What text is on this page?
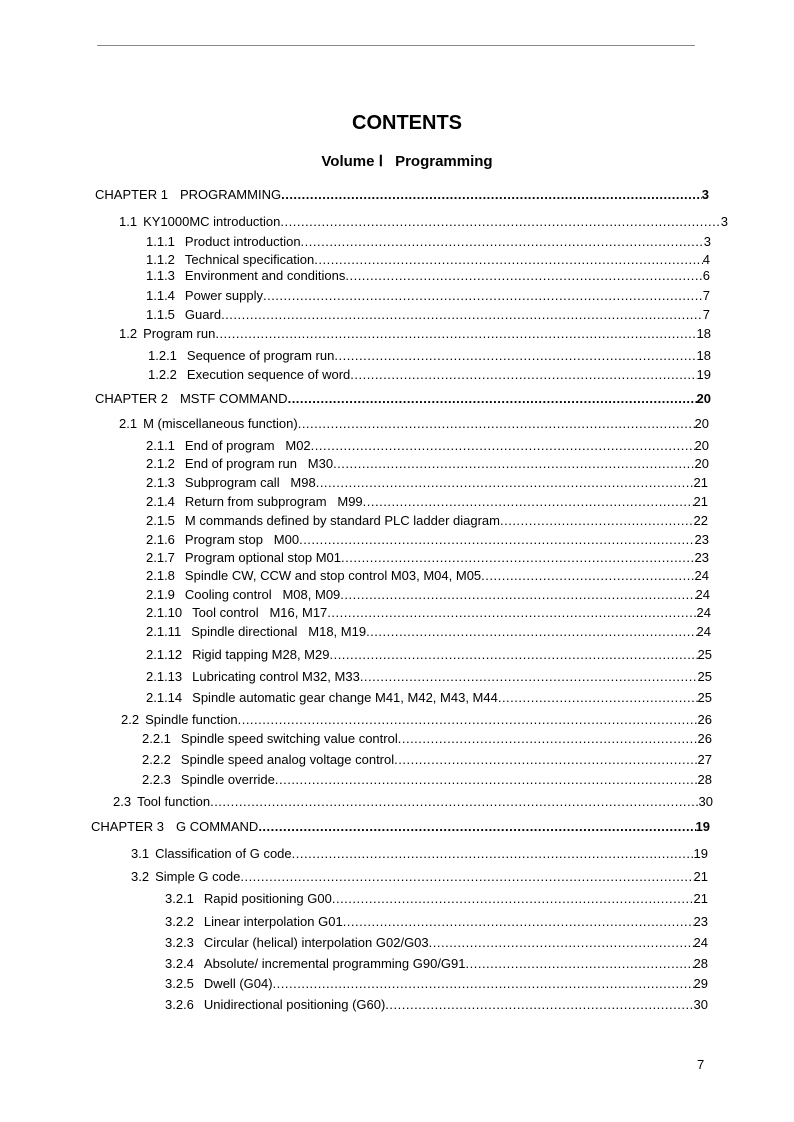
CONTENTS
Volume Ⅰ Programming
CHAPTER 1 PROGRAMMING .....	3
1.1 KY1000MC introduction .....	3
1.1.1 Product introduction .....	3
1.1.2 Technical specification .....	4
1.1.3 Environment and conditions .....	6
1.1.4 Power supply .....	7
1.1.5 Guard .....	7
1.2 Program run .....	18
1.2.1 Sequence of program run .....	18
1.2.2 Execution sequence of word .....	19
CHAPTER 2 MSTF COMMAND .....	20
2.1 M (miscellaneous function) .....	20
2.1.1 End of program   M02 .....	20
2.1.2 End of program run   M30 .....	20
2.1.3 Subprogram call   M98 .....	21
2.1.4 Return from subprogram   M99 .....	21
2.1.5 M commands defined by standard PLC ladder diagram .....	22
2.1.6 Program stop   M00 .....	23
2.1.7 Program optional stop M01 .....	23
2.1.8 Spindle CW, CCW and stop control M03, M04, M05 .....	24
2.1.9 Cooling control   M08, M09 .....	24
2.1.10 Tool control   M16, M17 .....	24
2.1.11 Spindle directional   M18, M19 .....	24
2.1.12 Rigid tapping M28, M29 .....	25
2.1.13 Lubricating control M32, M33 .....	25
2.1.14 Spindle automatic gear change M41, M42, M43, M44 .....	25
2.2 Spindle function .....	26
2.2.1 Spindle speed switching value control .....	26
2.2.2 Spindle speed analog voltage control .....	27
2.2.3 Spindle override .....	28
2.3 Tool function .....	30
CHAPTER 3 G COMMAND .....	19
3.1 Classification of G code .....	19
3.2 Simple G code .....	21
3.2.1 Rapid positioning G00 .....	21
3.2.2 Linear interpolation G01 .....	23
3.2.3 Circular (helical) interpolation G02/G03 .....	24
3.2.4 Absolute/ incremental programming G90/G91 .....	28
3.2.5 Dwell (G04) .....	29
3.2.6 Unidirectional positioning (G60) .....	30
7
